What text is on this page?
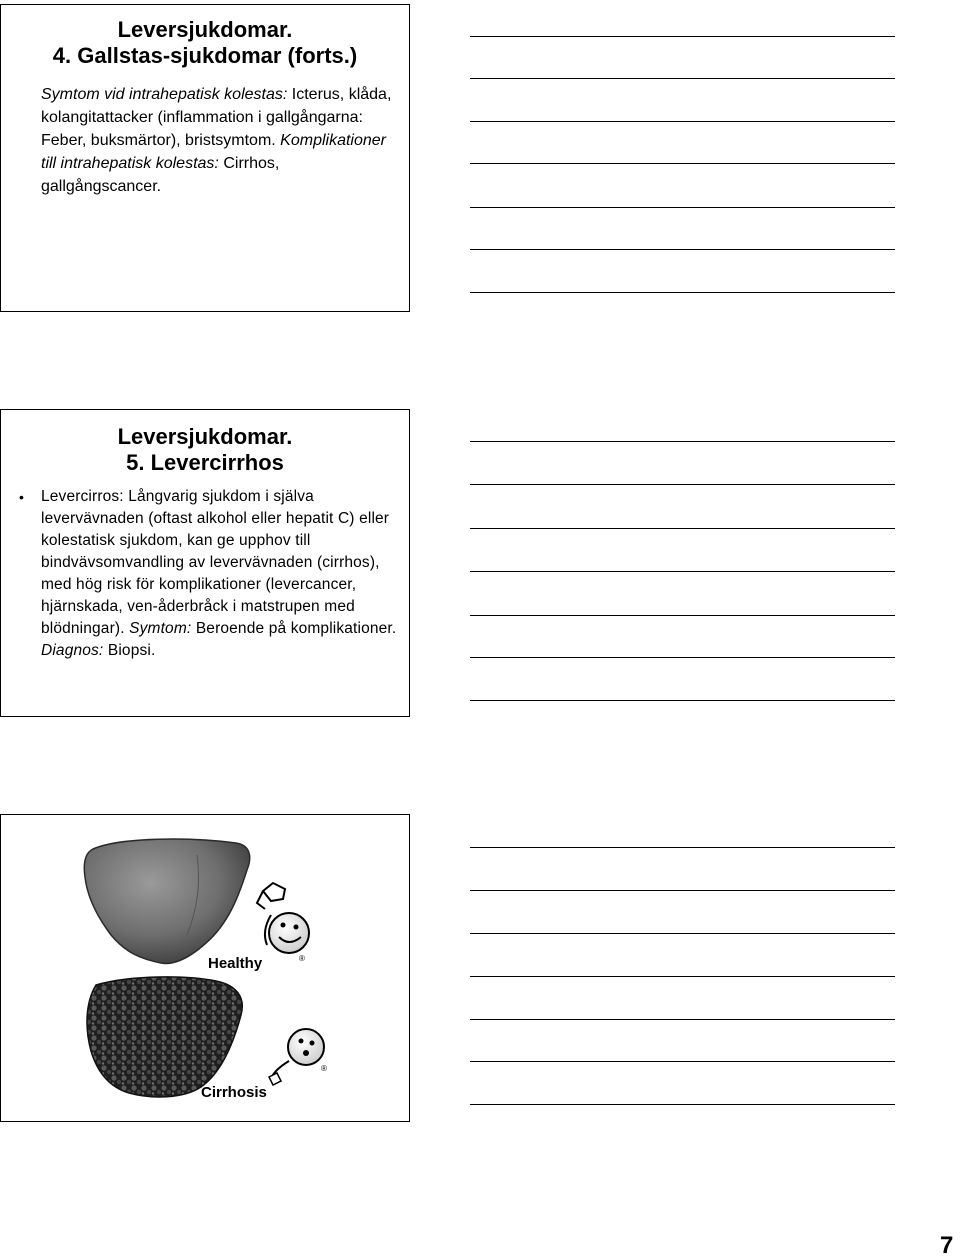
Leversjukdomar.
4. Gallstas-sjukdomar (forts.)

Symtom vid intrahepatisk kolestas: Icterus, klåda, kolangitattacker (inflammation i gallgångarna: Feber, buksmärtor), bristsymtom. Komplikationer till intrahepatisk kolestas: Cirrhos, gallgångscancer.

Leversjukdomar.
5. Levercirrhos
• Levercirros: Långvarig sjukdom i själva levervävnaden (oftast alkohol eller hepatit C) eller kolestatisk sjukdom, kan ge upphov till bindvävsomvandling av levervävnaden (cirrhos), med hög risk för komplikationer (levercancer, hjärnskada, ven-åderbråck i matstrupen med blödningar). Symtom: Beroende på komplikationer. Diagnos: Biopsi.

Healthy	®
Cirrhosis
®
7
